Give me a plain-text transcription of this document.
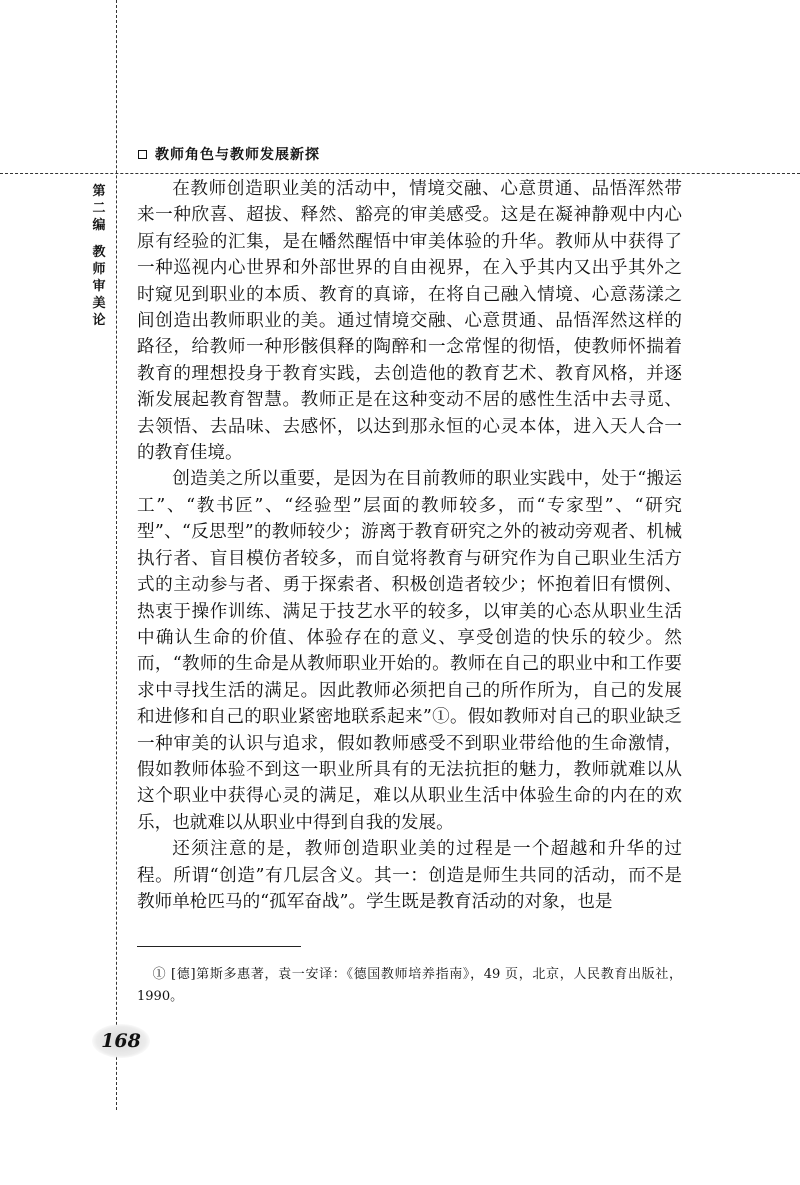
教师角色与教师发展新探
第
二
编
教
师
审
美
论

在教师创造职业美的活动中，情境交融、心意贯通、品悟浑然带来一种欣喜、超拔、释然、豁亮的审美感受。这是在凝神静观中内心原有经验的汇集，是在幡然醒悟中审美体验的升华。教师从中获得了一种巡视内心世界和外部世界的自由视界，在入乎其内又出乎其外之时窥见到职业的本质、教育的真谛，在将自己融入情境、心意荡漾之间创造出教师职业的美。通过情境交融、心意贯通、品悟浑然这样的路径，给教师一种形骸俱释的陶醉和一念常惺的彻悟，使教师怀揣着教育的理想投身于教育实践，去创造他的教育艺术、教育风格，并逐渐发展起教育智慧。教师正是在这种变动不居的感性生活中去寻觅、去领悟、去品味、去感怀，以达到那永恒的心灵本体，进入天人合一的教育佳境。

创造美之所以重要，是因为在目前教师的职业实践中，处于“搬运工”、“教书匠”、“经验型”层面的教师较多，而“专家型”、“研究型”、“反思型”的教师较少；游离于教育研究之外的被动旁观者、机械执行者、盲目模仿者较多，而自觉将教育与研究作为自己职业生活方式的主动参与者、勇于探索者、积极创造者较少；怀抱着旧有惯例、热衷于操作训练、满足于技艺水平的较多，以审美的心态从职业生活中确认生命的价值、体验存在的意义、享受创造的快乐的较少。然而，“教师的生命是从教师职业开始的。教师在自己的职业中和工作要求中寻找生活的满足。因此教师必须把自己的所作所为，自己的发展和进修和自己的职业紧密地联系起来”①。假如教师对自己的职业缺乏一种审美的认识与追求，假如教师感受不到职业带给他的生命激情，假如教师体验不到这一职业所具有的无法抗拒的魅力，教师就难以从这个职业中获得心灵的满足，难以从职业生活中体验生命的内在的欢乐，也就难以从职业中得到自我的发展。

还须注意的是，教师创造职业美的过程是一个超越和升华的过程。所谓“创造”有几层含义。其一：创造是师生共同的活动，而不是教师单枪匹马的“孤军奋战”。学生既是教育活动的对象，也是

① [德]第斯多惠著，袁一安译：《德国教师培养指南》，49 页，北京，人民教育出版社，1990。

168
